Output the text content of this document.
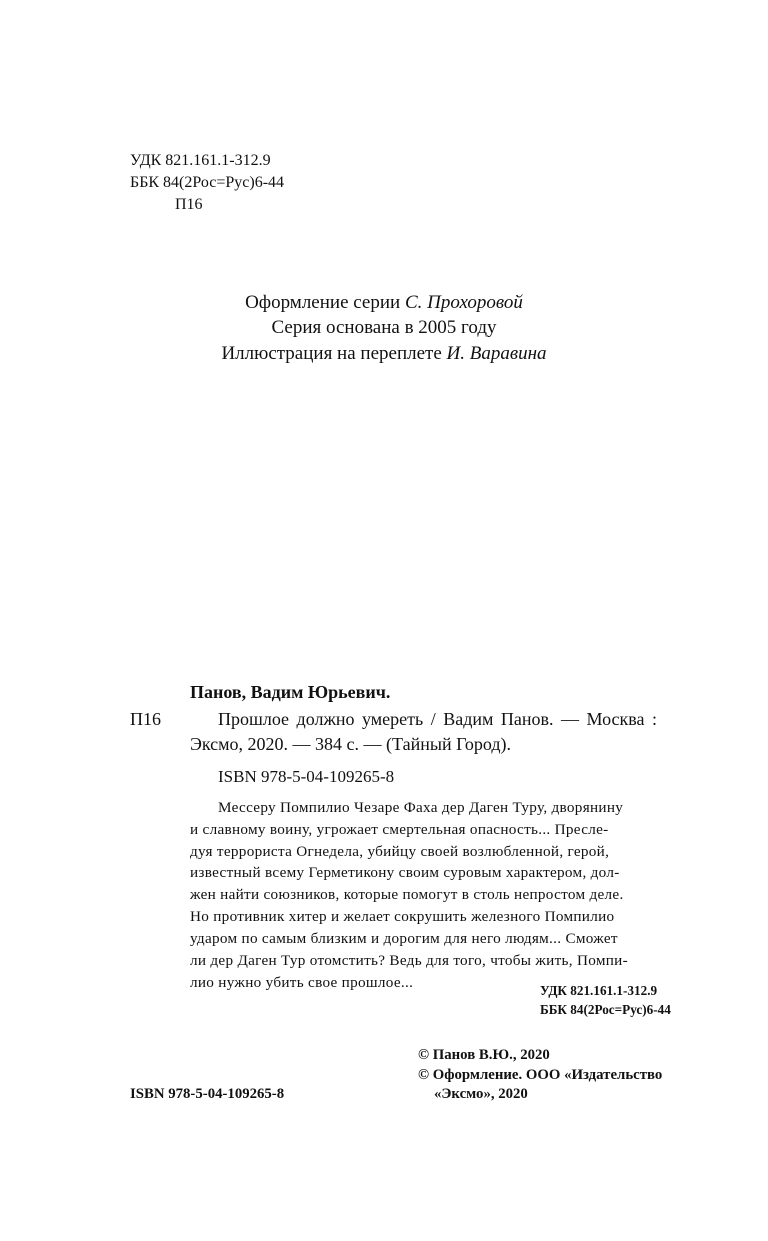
УДК 821.161.1-312.9
ББК 84(2Рос=Рус)6-44
П16
Оформление серии С. Прохоровой
Серия основана в 2005 году
Иллюстрация на переплете И. Варавина
Панов, Вадим Юрьевич.
П16	Прошлое должно умереть / Вадим Панов. — Москва :
Эксмо, 2020. — 384 с. — (Тайный Город).
ISBN 978-5-04-109265-8
Мессеру Помпилио Чезаре Фаха дер Даген Туру, дворянину
и славному воину, угрожает смертельная опасность... Пресле-
дуя террориста Огнедела, убийцу своей возлюбленной, герой,
известный всему Герметикону своим суровым характером, дол-
жен найти союзников, которые помогут в столь непростом деле.
Но противник хитер и желает сокрушить железного Помпилио
ударом по самым близким и дорогим для него людям... Сможет
ли дер Даген Тур отомстить? Ведь для того, чтобы жить, Помпи-
лио нужно убить свое прошлое...	УДК 821.161.1-312.9
ББК 84(2Рос=Рус)6-44
© Панов В.Ю., 2020
© Оформление. ООО «Издательство
«Эксмо», 2020
ISBN 978-5-04-109265-8
